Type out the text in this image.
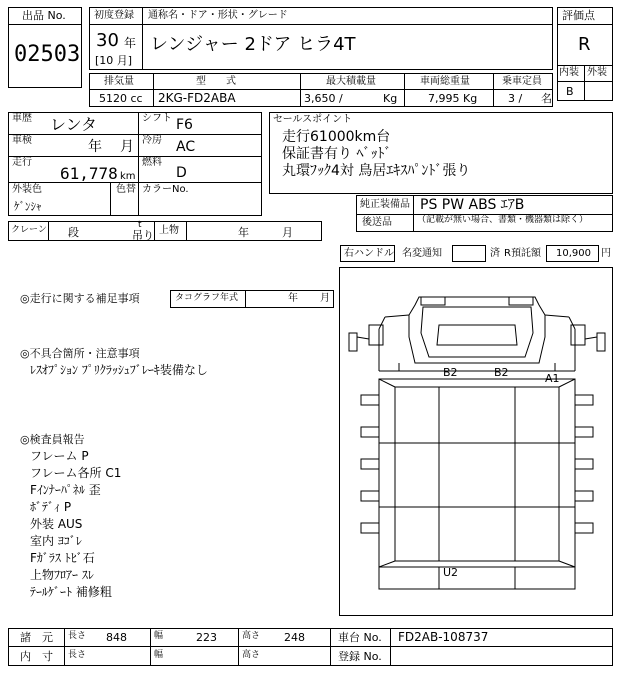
出品 No.
02503
初度登録
30 年
[10 月]
通称名・ドア・形状・グレード
レンジャー 2ドア ヒラ4T
評価点
R
内装 外装
B
排気量	型　　式	最大積載量	車両総重量	乗車定員
5120 cc 2KG-FD2ABA	3,650 /	Kg	7,995 Kg	3 / 名
車歴 レンタ	シフト F6
車検	年 月 冷房 AC
走行
61,778 km
燃料
D
外装色
ｹﾞﾝｼｬ
色替 カラーNo.
クレーン 段
t
吊り 上物	年	月
セールスポイント
走行61000km台
保証書有り ﾍﾞｯﾄﾞ
丸環ﾌｯｸ4対 鳥居ｴｷｽﾊﾟﾝﾄﾞ張り
純正装備品 PS PW ABS ｴｱB
後送品	（記載が無い場合、書類・機器類は除く）
右ハンドル 名変通知	済 R預託額 10,900 円
◎走行に関する補足事項	タコグラフ年式	年 月
◎不具合箇所・注意事項
ﾚｽｵﾌﾟｼｮﾝ ﾌﾟﾘｸﾗｯｼｭﾌﾞﾚｰｷ装備なし
◎検査員報告
フレーム P
フレーム各所 C1
Fｲﾝﾅｰﾊﾟﾈﾙ 歪
ﾎﾞﾃﾞｨ P
外装 AUS
室内 ﾖｺﾞﾚ
Fｶﾞﾗｽ ﾄﾋﾞ石
上物ﾌﾛｱｰ ｽﾚ
ﾃｰﾙｹﾞｰﾄ 補修粗
B2	B2	A1
U2
諸　元 長さ 848	幅	223	高さ 248	車台 No. FD2AB-108737
内　寸 長さ	幅	高さ	登録 No.
